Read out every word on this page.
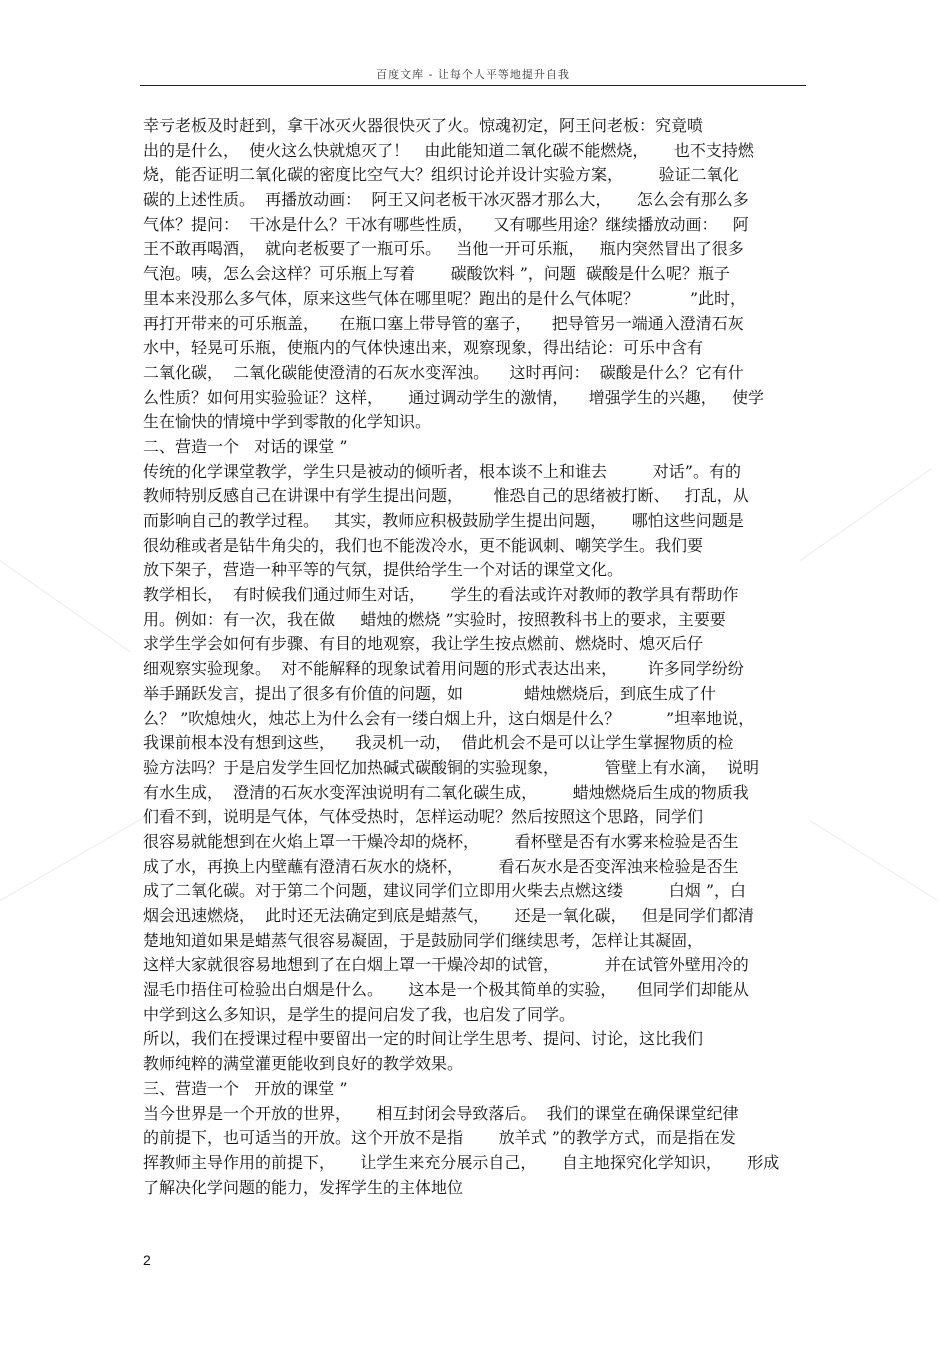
百度文库 - 让每个人平等地提升自我
幸亏老板及时赶到，拿干冰灭火器很快灭了火。惊魂初定，阿王问老板：究竟喷
出的是什么，  使火这么快就熄灭了！   由此能知道二氧化碳不能燃烧，     也不支持燃
烧，能否证明二氧化碳的密度比空气大？组织讨论并设计实验方案，       验证二氧化
碳的上述性质。  再播放动画：  阿王又问老板干冰灭器才那么大，     怎么会有那么多
气体？提问：  干冰是什么？干冰有哪些性质，    又有哪些用途？继续播放动画：   阿
王不敢再喝酒，  就向老板要了一瓶可乐。   当他一开可乐瓶，   瓶内突然冒出了很多
气泡。咦，怎么会这样？可乐瓶上写着       碳酸饮料 ”，问题  碳酸是什么呢？瓶子
里本来没那么多气体，原来这些气体在哪里呢？跑出的是什么气体呢？          ”此时，
再打开带来的可乐瓶盖，    在瓶口塞上带导管的塞子，    把导管另一端通入澄清石灰
水中，轻晃可乐瓶，使瓶内的气体快速出来，观察现象，得出结论：可乐中含有
二氧化碳，  二氧化碳能使澄清的石灰水变浑浊。    这时再问：  碳酸是什么？它有什
么性质？如何用实验验证？这样，     通过调动学生的激情，    增强学生的兴趣，   使学
生在愉快的情境中学到零散的化学知识。
二、营造一个   对话的课堂 ”
传统的化学课堂教学，学生只是被动的倾听者，根本谈不上和谁去         对话”。有的
教师特别反感自己在讲课中有学生提出问题，      惟恐自己的思绪被打断、   打乱，从
而影响自己的教学过程。   其实，教师应积极鼓励学生提出问题，     哪怕这些问题是
很幼稚或者是钻牛角尖的，我们也不能泼冷水，更不能讽刺、嘲笑学生。我们要
放下架子，营造一种平等的气氛，提供给学生一个对话的课堂文化。
教学相长，  有时候我们通过师生对话，     学生的看法或许对教师的教学具有帮助作
用。例如：有一次，我在做     蜡烛的燃烧 ”实验时，按照教科书上的要求，主要要
求学生学会如何有步骤、有目的地观察，我让学生按点燃前、燃烧时、熄灭后仔
细观察实验现象。  对不能解释的现象试着用问题的形式表达出来，      许多同学纷纷
举手踊跃发言，提出了很多有价值的问题，如            蜡烛燃烧后，到底生成了什
么？ ”吹熄烛火，烛芯上为什么会有一缕白烟上升，这白烟是什么？         ”坦率地说，
我课前根本没有想到这些，    我灵机一动，  借此机会不是可以让学生掌握物质的检
验方法吗？于是启发学生回忆加热碱式碳酸铜的实验现象，         管壁上有水滴，  说明
有水生成，  澄清的石灰水变浑浊说明有二氧化碳生成，       蜡烛燃烧后生成的物质我
们看不到，说明是气体，气体受热时，怎样运动呢？然后按照这个思路，同学们
很容易就能想到在火焰上罩一干燥冷却的烧杯，       看杯壁是否有水雾来检验是否生
成了水，再换上内壁蘸有澄清石灰水的烧杯，       看石灰水是否变浑浊来检验是否生
成了二氧化碳。对于第二个问题，建议同学们立即用火柴去点燃这缕         白烟 ”，白
烟会迅速燃烧，  此时还无法确定到底是蜡蒸气，     还是一氧化碳，   但是同学们都清
楚地知道如果是蜡蒸气很容易凝固，于是鼓励同学们继续思考，怎样让其凝固，
这样大家就很容易地想到了在白烟上罩一干燥冷却的试管，         并在试管外壁用冷的
湿毛巾捂住可检验出白烟是什么。     这本是一个极其简单的实验，    但同学们却能从
中学到这么多知识，是学生的提问启发了我，也启发了同学。
所以，我们在授课过程中要留出一定的时间让学生思考、提问、讨论，这比我们
教师纯粹的满堂灌更能收到良好的教学效果。
三、营造一个   开放的课堂 ”
当今世界是一个开放的世界，     相互封闭会导致落后。  我们的课堂在确保课堂纪律
的前提下，也可适当的开放。这个开放不是指       放羊式 ”的教学方式，而是指在发
挥教师主导作用的前提下，     让学生来充分展示自己，     自主地探究化学知识，     形成
了解决化学问题的能力，发挥学生的主体地位
2
